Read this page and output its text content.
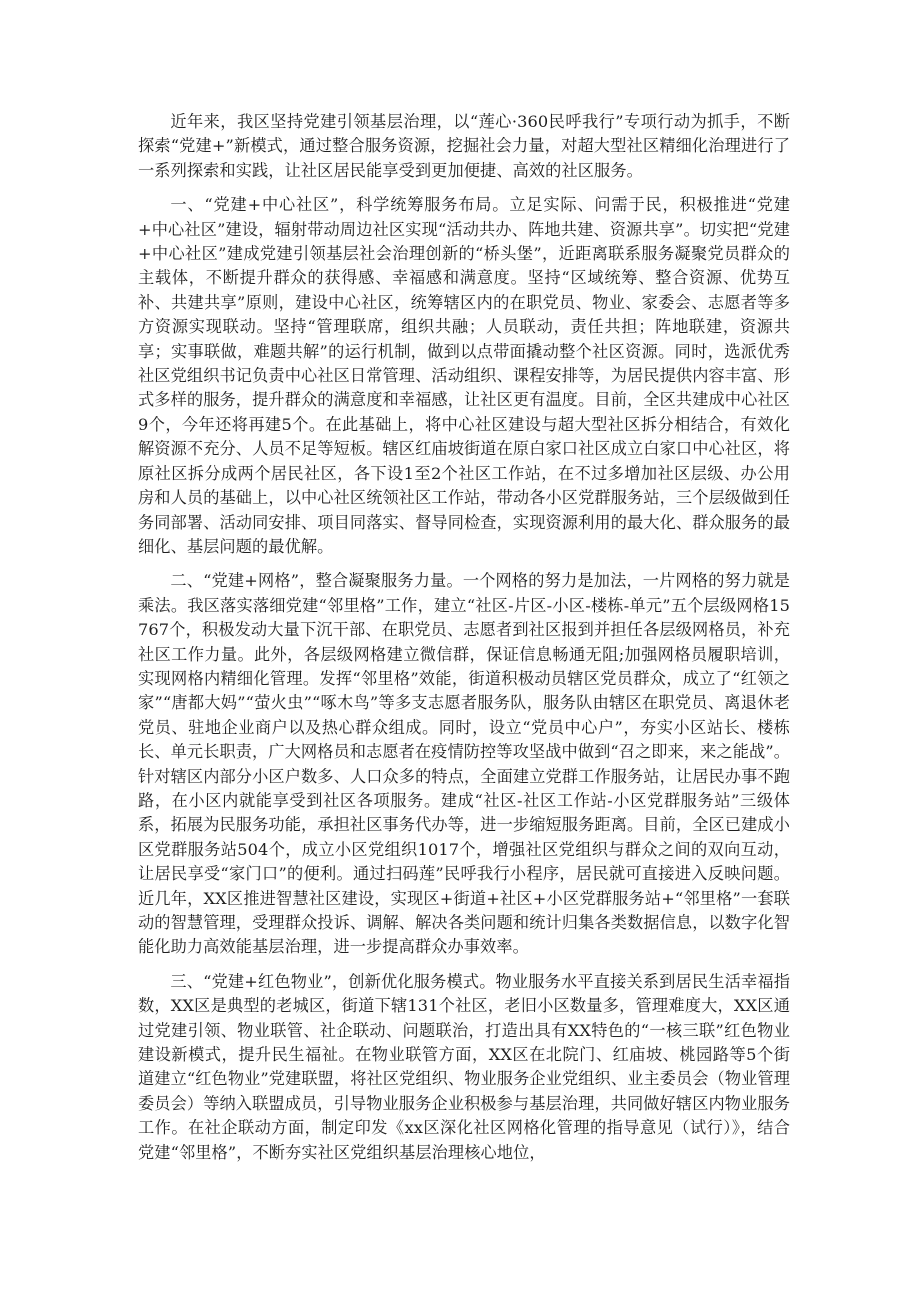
近年来，我区坚持党建引领基层治理，以“莲心·360民呼我行”专项行动为抓手，不断探索“党建+”新模式，通过整合服务资源，挖掘社会力量，对超大型社区精细化治理进行了一系列探索和实践，让社区居民能享受到更加便捷、高效的社区服务。

一、“党建+中心社区”，科学统筹服务布局。立足实际、问需于民，积极推进“党建+中心社区”建设，辐射带动周边社区实现“活动共办、阵地共建、资源共享”。切实把“党建+中心社区”建成党建引领基层社会治理创新的“桥头堡”，近距离联系服务凝聚党员群众的主载体，不断提升群众的获得感、幸福感和满意度。坚持“区域统筹、整合资源、优势互补、共建共享”原则，建设中心社区，统筹辖区内的在职党员、物业、家委会、志愿者等多方资源实现联动。坚持“管理联席，组织共融；人员联动，责任共担；阵地联建，资源共享；实事联做，难题共解”的运行机制，做到以点带面撬动整个社区资源。同时，选派优秀社区党组织书记负责中心社区日常管理、活动组织、课程安排等，为居民提供内容丰富、形式多样的服务，提升群众的满意度和幸福感，让社区更有温度。目前，全区共建成中心社区9个，今年还将再建5个。在此基础上，将中心社区建设与超大型社区拆分相结合，有效化解资源不充分、人员不足等短板。辖区红庙坡街道在原白家口社区成立白家口中心社区，将原社区拆分成两个居民社区，各下设1至2个社区工作站，在不过多增加社区层级、办公用房和人员的基础上，以中心社区统领社区工作站，带动各小区党群服务站，三个层级做到任务同部署、活动同安排、项目同落实、督导同检查，实现资源利用的最大化、群众服务的最细化、基层问题的最优解。

二、“党建+网格”，整合凝聚服务力量。一个网格的努力是加法，一片网格的努力就是乘法。我区落实落细党建“邻里格”工作，建立“社区-片区-小区-楼栋-单元”五个层级网格15767个，积极发动大量下沉干部、在职党员、志愿者到社区报到并担任各层级网格员，补充社区工作力量。此外，各层级网格建立微信群，保证信息畅通无阻;加强网格员履职培训，实现网格内精细化管理。发挥“邻里格”效能，街道积极动员辖区党员群众，成立了“红领之家”“唐都大妈”“萤火虫”“啄木鸟”等多支志愿者服务队，服务队由辖区在职党员、离退休老党员、驻地企业商户以及热心群众组成。同时，设立“党员中心户”，夯实小区站长、楼栋长、单元长职责，广大网格员和志愿者在疫情防控等攻坚战中做到“召之即来，来之能战”。针对辖区内部分小区户数多、人口众多的特点，全面建立党群工作服务站，让居民办事不跑路，在小区内就能享受到社区各项服务。建成“社区-社区工作站-小区党群服务站”三级体系，拓展为民服务功能，承担社区事务代办等，进一步缩短服务距离。目前，全区已建成小区党群服务站504个，成立小区党组织1017个，增强社区党组织与群众之间的双向互动，让居民享受“家门口”的便利。通过扫码莲”民呼我行小程序，居民就可直接进入反映问题。近几年，XX区推进智慧社区建设，实现区+街道+社区+小区党群服务站+“邻里格”一套联动的智慧管理，受理群众投诉、调解、解决各类问题和统计归集各类数据信息，以数字化智能化助力高效能基层治理，进一步提高群众办事效率。

三、“党建+红色物业”，创新优化服务模式。物业服务水平直接关系到居民生活幸福指数，XX区是典型的老城区，街道下辖131个社区，老旧小区数量多，管理难度大，XX区通过党建引领、物业联管、社企联动、问题联治，打造出具有XX特色的“一核三联”红色物业建设新模式，提升民生福祉。在物业联管方面，XX区在北院门、红庙坡、桃园路等5个街道建立“红色物业”党建联盟，将社区党组织、物业服务企业党组织、业主委员会（物业管理委员会）等纳入联盟成员，引导物业服务企业积极参与基层治理，共同做好辖区内物业服务工作。在社企联动方面，制定印发《xx区深化社区网格化管理的指导意见（试行）》，结合党建“邻里格”，不断夯实社区党组织基层治理核心地位，
